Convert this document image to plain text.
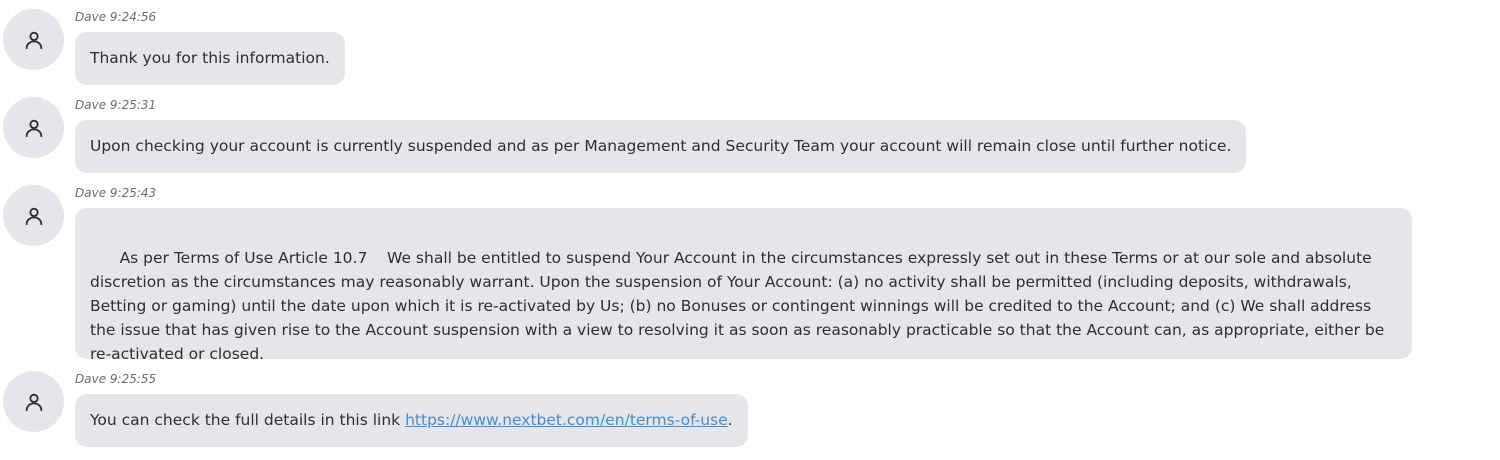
Dave 9:24:56
Thank you for this information.
Dave 9:25:31
Upon checking your account is currently suspended and as per Management and Security Team your account will remain close until further notice.
Dave 9:25:43

As per Terms of Use Article 10.7    We shall be entitled to suspend Your Account in the circumstances expressly set out in these Terms or at our sole and absolute discretion as the circumstances may reasonably warrant. Upon the suspension of Your Account: (a) no activity shall be permitted (including deposits, withdrawals, Betting or gaming) until the date upon which it is re-activated by Us; (b) no Bonuses or contingent winnings will be credited to the Account; and (c) We shall address the issue that has given rise to the Account suspension with a view to resolving it as soon as reasonably practicable so that the Account can, as appropriate, either be re-activated or closed.

Dave 9:25:55
You can check the full details in this link https://www.nextbet.com/en/terms-of-use.
